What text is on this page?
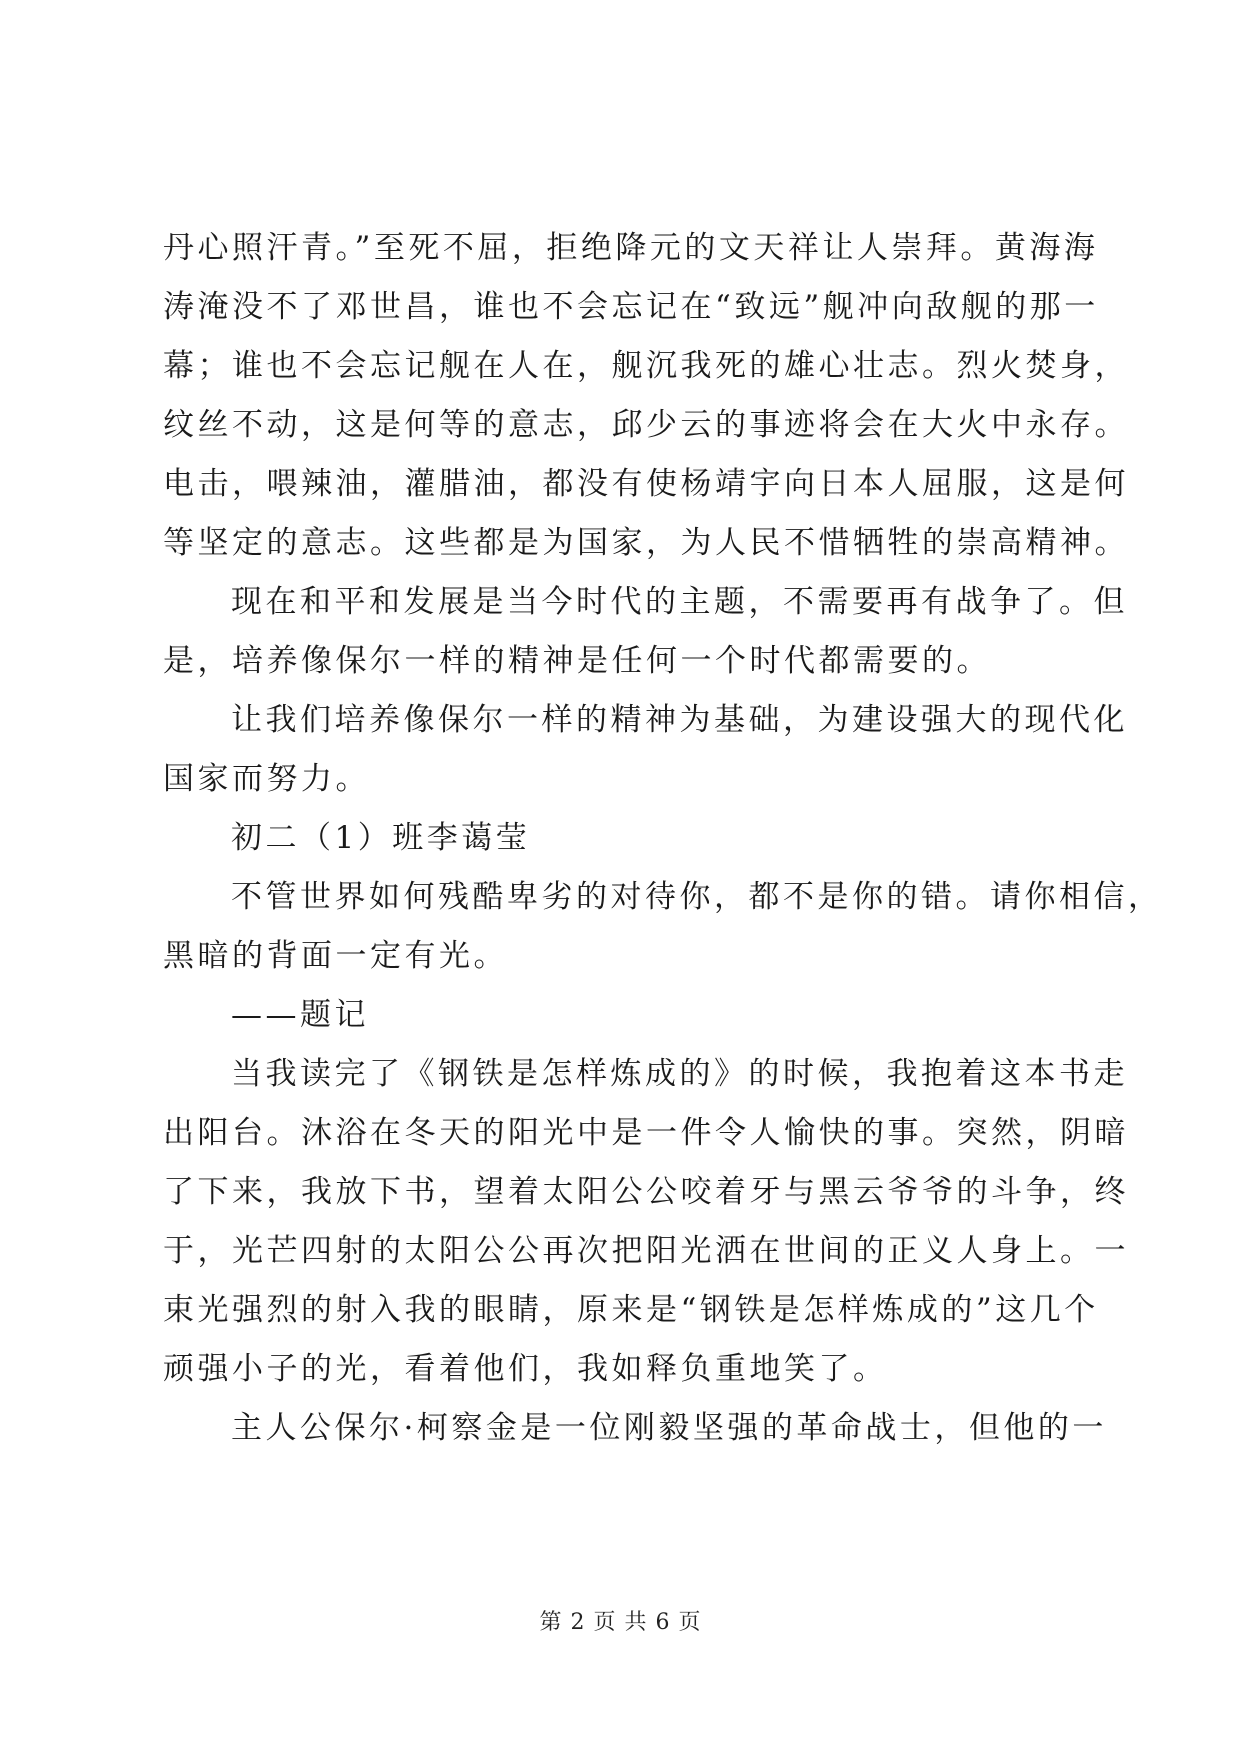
丹心照汗青。”至死不屈，拒绝降元的文天祥让人崇拜。黄海海
涛淹没不了邓世昌，谁也不会忘记在“致远”舰冲向敌舰的那一
幕；谁也不会忘记舰在人在，舰沉我死的雄心壮志。烈火焚身，
纹丝不动，这是何等的意志，邱少云的事迹将会在大火中永存。
电击，喂辣油，灌腊油，都没有使杨靖宇向日本人屈服，这是何
等坚定的意志。这些都是为国家，为人民不惜牺牲的崇高精神。
现在和平和发展是当今时代的主题，不需要再有战争了。但
是，培养像保尔一样的精神是任何一个时代都需要的。
让我们培养像保尔一样的精神为基础，为建设强大的现代化
国家而努力。
初二（1）班李蔼莹
不管世界如何残酷卑劣的对待你，都不是你的错。请你相信，
黑暗的背面一定有光。
——题记
当我读完了《钢铁是怎样炼成的》的时候，我抱着这本书走
出阳台。沐浴在冬天的阳光中是一件令人愉快的事。突然，阴暗
了下来，我放下书，望着太阳公公咬着牙与黑云爷爷的斗争，终
于，光芒四射的太阳公公再次把阳光洒在世间的正义人身上。一
束光强烈的射入我的眼睛，原来是“钢铁是怎样炼成的”这几个
顽强小子的光，看着他们，我如释负重地笑了。
主人公保尔·柯察金是一位刚毅坚强的革命战士，但他的一
第 2 页 共 6 页
